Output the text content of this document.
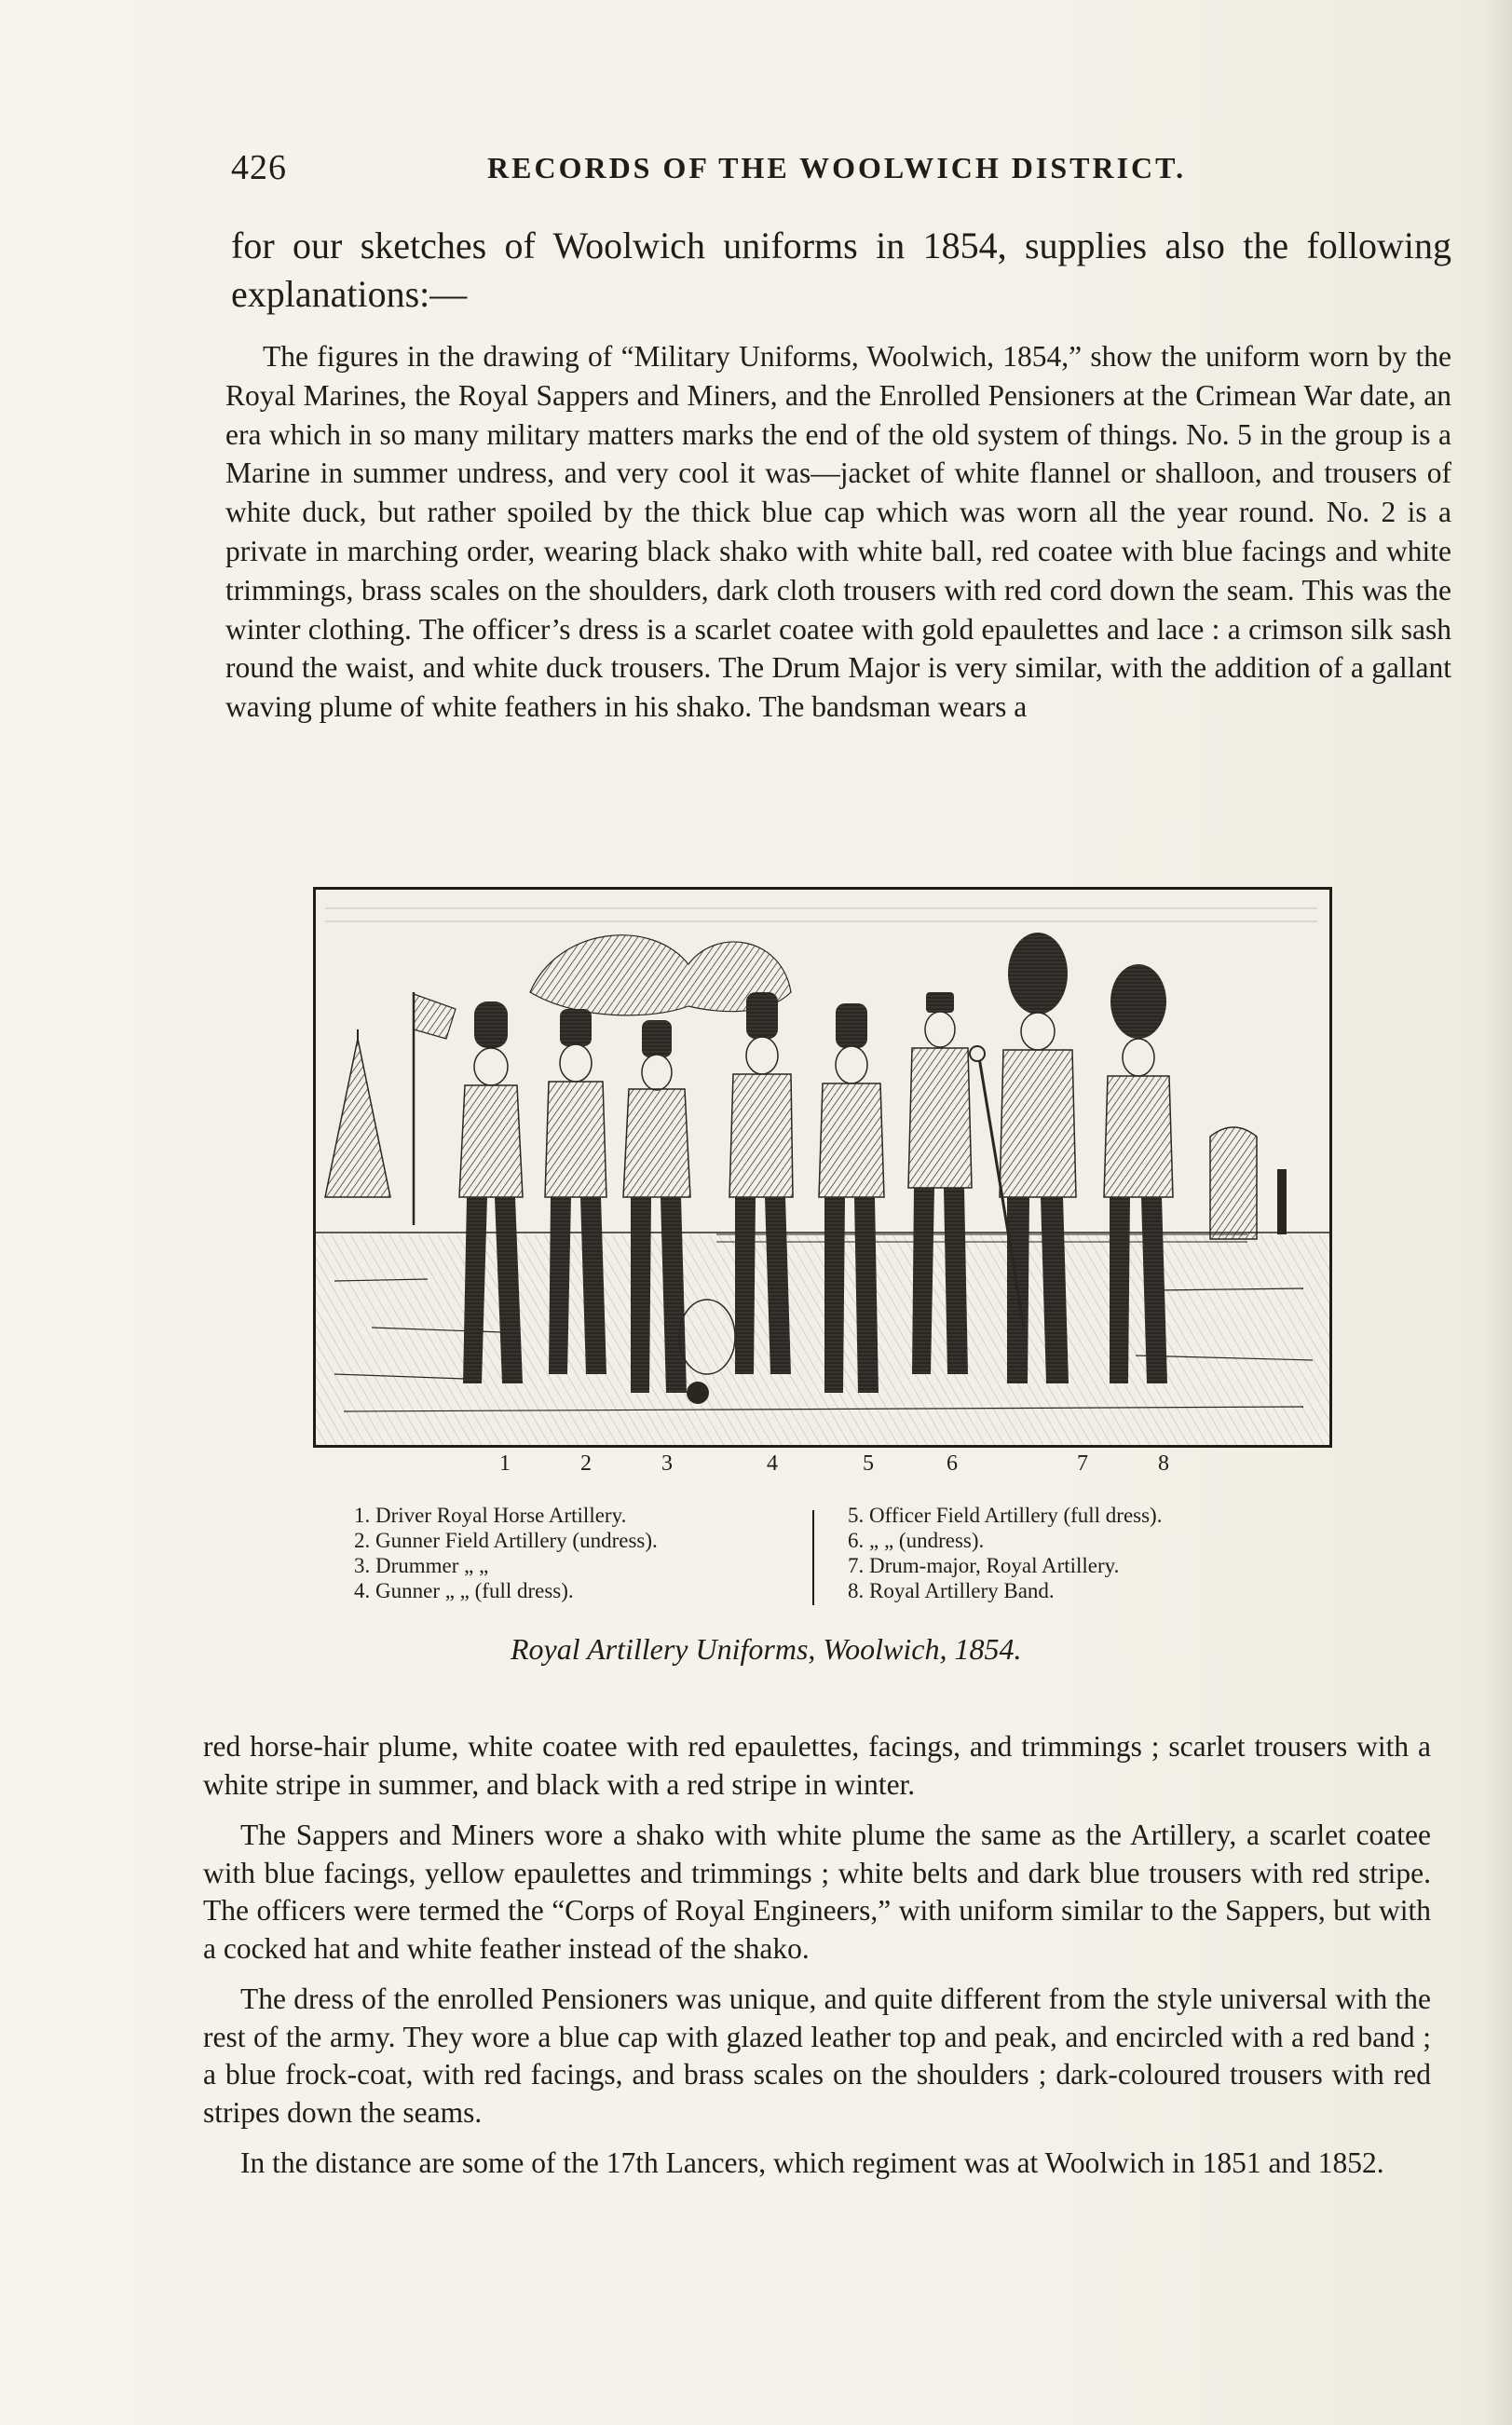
426	RECORDS OF THE WOOLWICH DISTRICT.
for our sketches of Woolwich uniforms in 1854, supplies also the following explanations:—
The figures in the drawing of “Military Uniforms, Woolwich, 1854,” show the uniform worn by the Royal Marines, the Royal Sappers and Miners, and the Enrolled Pensioners at the Crimean War date, an era which in so many military matters marks the end of the old system of things. No. 5 in the group is a Marine in summer undress, and very cool it was—jacket of white flannel or shalloon, and trousers of white duck, but rather spoiled by the thick blue cap which was worn all the year round. No. 2 is a private in marching order, wearing black shako with white ball, red coatee with blue facings and white trimmings, brass scales on the shoulders, dark cloth trousers with red cord down the seam. This was the winter clothing. The officer’s dress is a scarlet coatee with gold epaulettes and lace : a crimson silk sash round the waist, and white duck trousers. The Drum Major is very similar, with the addition of a gallant waving plume of white feathers in his shako. The bandsman wears a
1	2	3	4	5	6	7	8
1. Driver Royal Horse Artillery.
2. Gunner Field Artillery (undress).
3. Drummer „ „
4. Gunner „ „ (full dress).
5. Officer Field Artillery (full dress).
6. „ „ (undress).
7. Drum-major, Royal Artillery.
8. Royal Artillery Band.
Royal Artillery Uniforms, Woolwich, 1854.

red horse-hair plume, white coatee with red epaulettes, facings, and trimmings ; scarlet trousers with a white stripe in summer, and black with a red stripe in winter.

The Sappers and Miners wore a shako with white plume the same as the Artillery, a scarlet coatee with blue facings, yellow epaulettes and trimmings ; white belts and dark blue trousers with red stripe. The officers were termed the “Corps of Royal Engineers,” with uniform similar to the Sappers, but with a cocked hat and white feather instead of the shako.

The dress of the enrolled Pensioners was unique, and quite different from the style universal with the rest of the army. They wore a blue cap with glazed leather top and peak, and encircled with a red band ; a blue frock-coat, with red facings, and brass scales on the shoulders ; dark-coloured trousers with red stripes down the seams.

In the distance are some of the 17th Lancers, which regiment was at Woolwich in 1851 and 1852.
